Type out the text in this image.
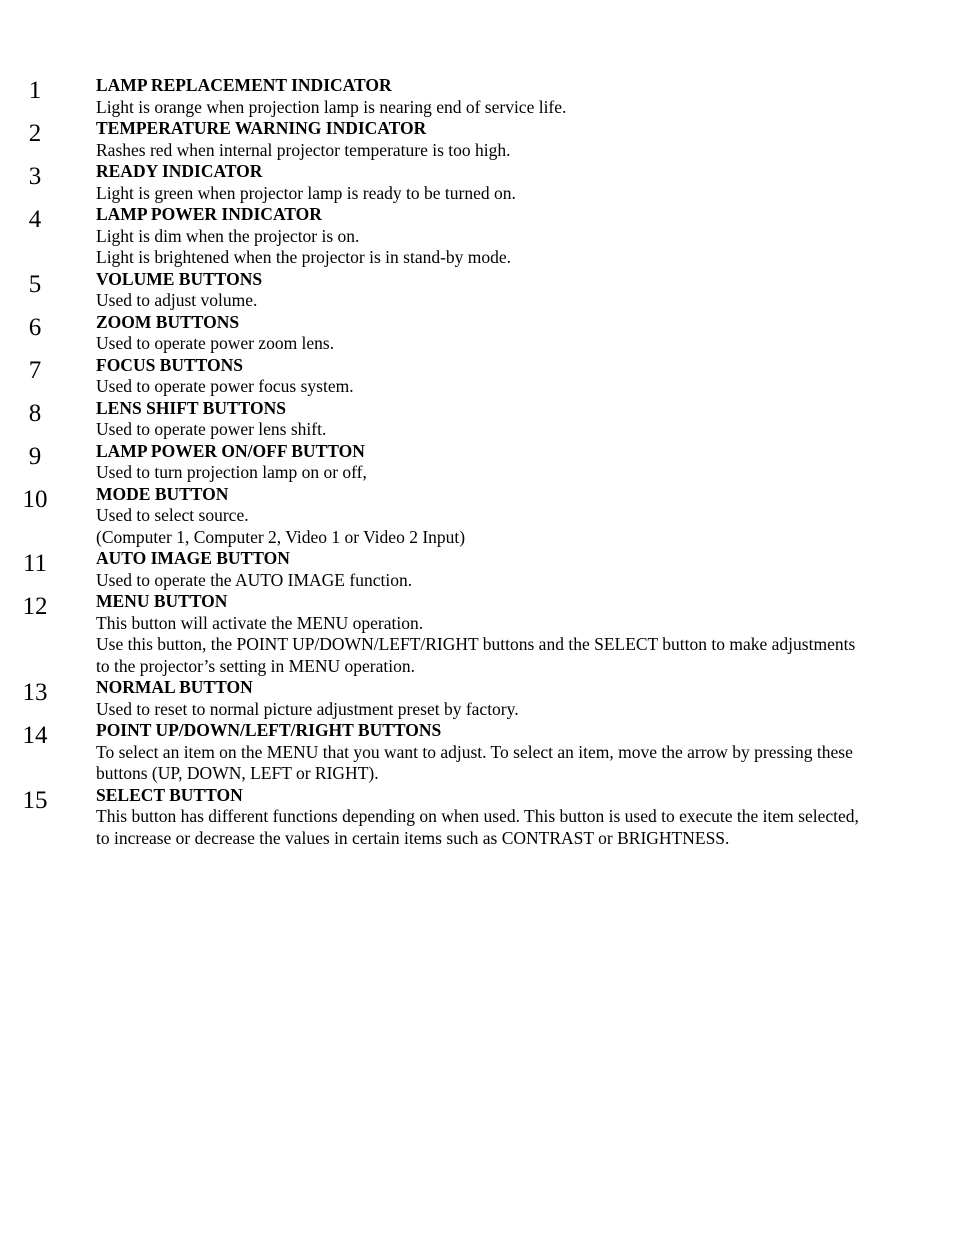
1	LAMP REPLACEMENT INDICATOR
Light is orange when projection lamp is nearing end of service life.
2	TEMPERATURE WARNING INDICATOR
Rashes red when internal projector temperature is too high.
3	READY INDICATOR
Light is green when projector lamp is ready to be turned on.
4	LAMP POWER INDICATOR
Light is dim when the projector is on.
Light is brightened when the projector is in stand-by mode.
5	VOLUME BUTTONS
Used to adjust volume.
6	ZOOM BUTTONS
Used to operate power zoom lens.
7	FOCUS BUTTONS
Used to operate power focus system.
8	LENS SHIFT BUTTONS
Used to operate power lens shift.
9	LAMP POWER ON/OFF BUTTON
Used to turn projection lamp on or off,
10	MODE BUTTON
Used to select source.
(Computer 1, Computer 2, Video 1 or Video 2 Input)
11	AUTO IMAGE BUTTON
Used to operate the AUTO IMAGE function.
12	MENU BUTTON
This button will activate the MENU operation.
Use this button, the POINT UP/DOWN/LEFT/RIGHT buttons and the SELECT button to make adjustments
to the projector’s setting in MENU operation.
13	NORMAL BUTTON
Used to reset to normal picture adjustment preset by factory.
14	POINT UP/DOWN/LEFT/RIGHT BUTTONS
To select an item on the MENU that you want to adjust. To select an item, move the arrow by pressing these
buttons (UP, DOWN, LEFT or RIGHT).
15	SELECT BUTTON
This button has different functions depending on when used. This button is used to execute the item selected,
to increase or decrease the values in certain items such as CONTRAST or BRIGHTNESS.
